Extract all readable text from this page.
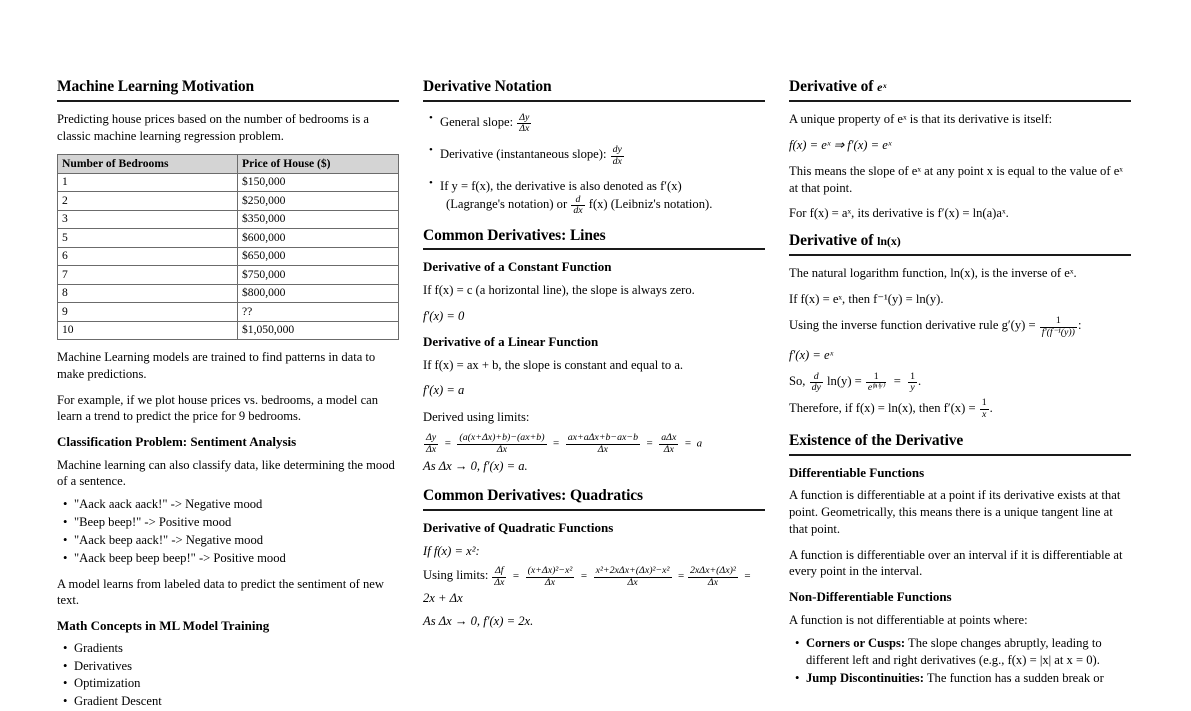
Machine Learning Motivation

Predicting house prices based on the number of bedrooms is a classic machine learning regression problem.

Number of Bedrooms	Price of House ($)
1	$150,000
2	$250,000
3	$350,000
5	$600,000
6	$650,000
7	$750,000
8	$800,000
9	??
10	$1,050,000

Machine Learning models are trained to find patterns in data to make predictions.

For example, if we plot house prices vs. bedrooms, a model can learn a trend to predict the price for 9 bedrooms.

Classification Problem: Sentiment Analysis

Machine learning can also classify data, like determining the mood of a sentence.

• "Aack aack aack!" -> Negative mood
• "Beep beep!" -> Positive mood
• "Aack beep aack!" -> Negative mood
• "Aack beep beep beep!" -> Positive mood

A model learns from labeled data to predict the sentiment of new text.

Math Concepts in ML Model Training
• Gradients
• Derivatives
• Optimization
• Gradient Descent
Derivative Notation
• General slope: $\frac{\Delta y}{\Delta x}$
• Derivative (instantaneous slope): $\frac{dy}{dx}$
• If y = f(x), the derivative is also denoted as f′(x)
(Lagrange's notation) or $\frac{d}{dx} f(x)$ (Leibniz's notation).
Common Derivatives: Lines
Derivative of a Constant Function

If f(x) = c (a horizontal line), the slope is always zero.

f′(x) = 0
Derivative of a Linear Function

If f(x) = ax + b, the slope is constant and equal to a.

f′(x) = a

Derived using limits:

$\frac{\Delta y}{\Delta x} = \frac{(a(x+\Delta x)+b)-(ax+b)}{\Delta x} = \frac{\text{ax+aΔx+b−ax−b}}{\Delta x} = \frac{\text{aΔx}}{\Delta x} = a$
As Δx → 0, f′(x) = a.
Common Derivatives: Quadratics
Derivative of Quadratic Functions

If f(x) = x²:

Using limits: $\frac{\Delta f}{\Delta x} = \frac{\text{(x+Δx)²−x²}}{\Delta x} = \frac{\text{x²+2xΔx+(Δx)²−x²}}{\Delta x} = \frac{\text{2xΔx+(Δx)²}}{\Delta x} = 2x + \Delta x$
As Δx → 0, f′(x) = 2x.
Derivative of eˣ

A unique property of eˣ is that its derivative is itself:

f(x) = eˣ ⇒ f′(x) = eˣ

This means the slope of eˣ at any point x is equal to the value of eˣ at that point.

For f(x) = aˣ, its derivative is f′(x) = ln(a)aˣ.

Derivative of ln(x)

The natural logarithm function, ln(x), is the inverse of eˣ.

If f(x) = eˣ, then f⁻¹(y) = ln(y).

Using the inverse function derivative rule $g'(y) = \frac{1}{\text{f′(f⁻¹(y))}}$ :

f′(x) = eˣ
So, $\frac{d}{dy} \ln(y) = \frac{1}{\text{eᶠⁿ⁽ʸ⁾}} = \frac{1}{y}$ .
Therefore, if f(x) = ln(x), then $f'(x) = \frac{1}{x}$ .
Existence of the Derivative
Differentiable Functions

A function is differentiable at a point if its derivative exists at that point. Geometrically, this means there is a unique tangent line at that point.

A function is differentiable over an interval if it is differentiable at every point in the interval.

Non-Differentiable Functions

A function is not differentiable at points where:

• Corners or Cusps: The slope changes abruptly, leading to different left and right derivatives (e.g., f(x) = |x| at x = 0).
• Jump Discontinuities: The function has a sudden break or
